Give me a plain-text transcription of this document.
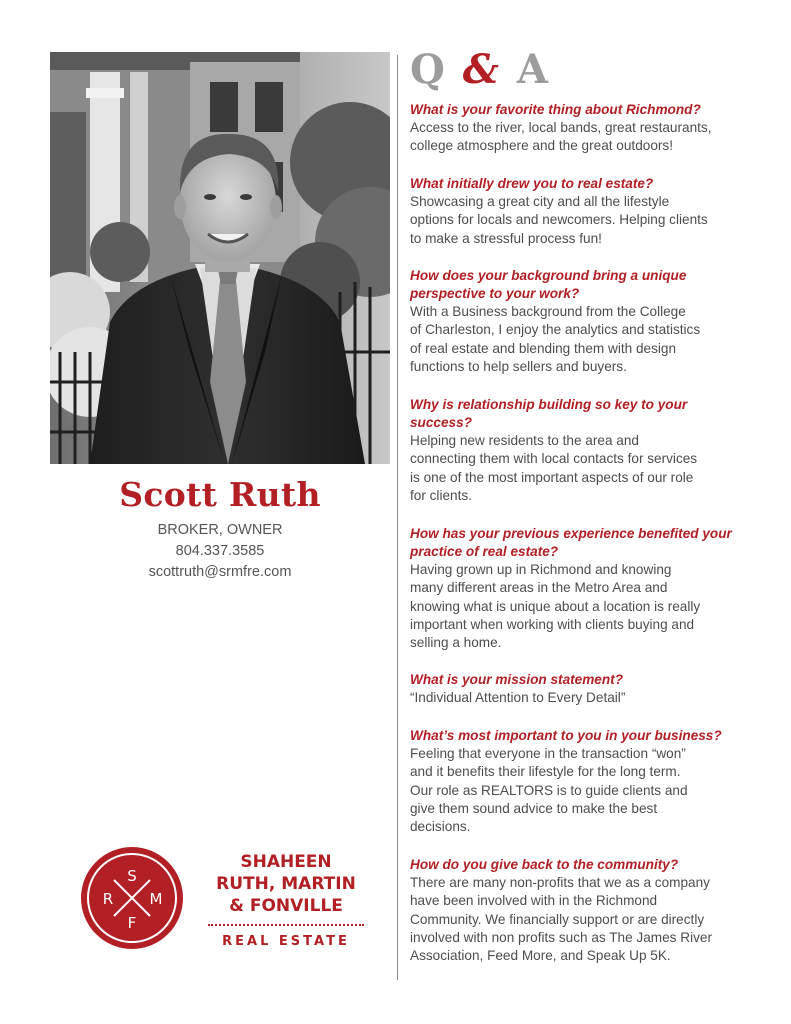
Scott Ruth
BROKER, OWNER
804.337.3585
scottruth@srmfre.com
Q & A
What is your favorite thing about Richmond?
Access to the river, local bands, great restaurants,
college atmosphere and the great outdoors!
What initially drew you to real estate?
Showcasing a great city and all the lifestyle
options for locals and newcomers. Helping clients
to make a stressful process fun!
How does your background bring a unique
perspective to your work?
With a Business background from the College
of Charleston, I enjoy the analytics and statistics
of real estate and blending them with design
functions to help sellers and buyers.
Why is relationship building so key to your
success?
Helping new residents to the area and
connecting them with local contacts for services
is one of the most important aspects of our role
for clients.
How has your previous experience benefited your
practice of real estate?
Having grown up in Richmond and knowing
many different areas in the Metro Area and
knowing what is unique about a location is really
important when working with clients buying and
selling a home.
What is your mission statement?
“Individual Attention to Every Detail”
What’s most important to you in your business?
Feeling that everyone in the transaction “won”
and it benefits their lifestyle for the long term.
Our role as REALTORS is to guide clients and
give them sound advice to make the best
decisions.
How do you give back to the community?
There are many non-profits that we as a company
have been involved with in the Richmond
Community. We financially support or are directly
involved with non profits such as The James River
Association, Feed More, and Speak Up 5K.
S
R M
F
SHAHEEN
RUTH, MARTIN
& FONVILLE
REAL ESTATE
